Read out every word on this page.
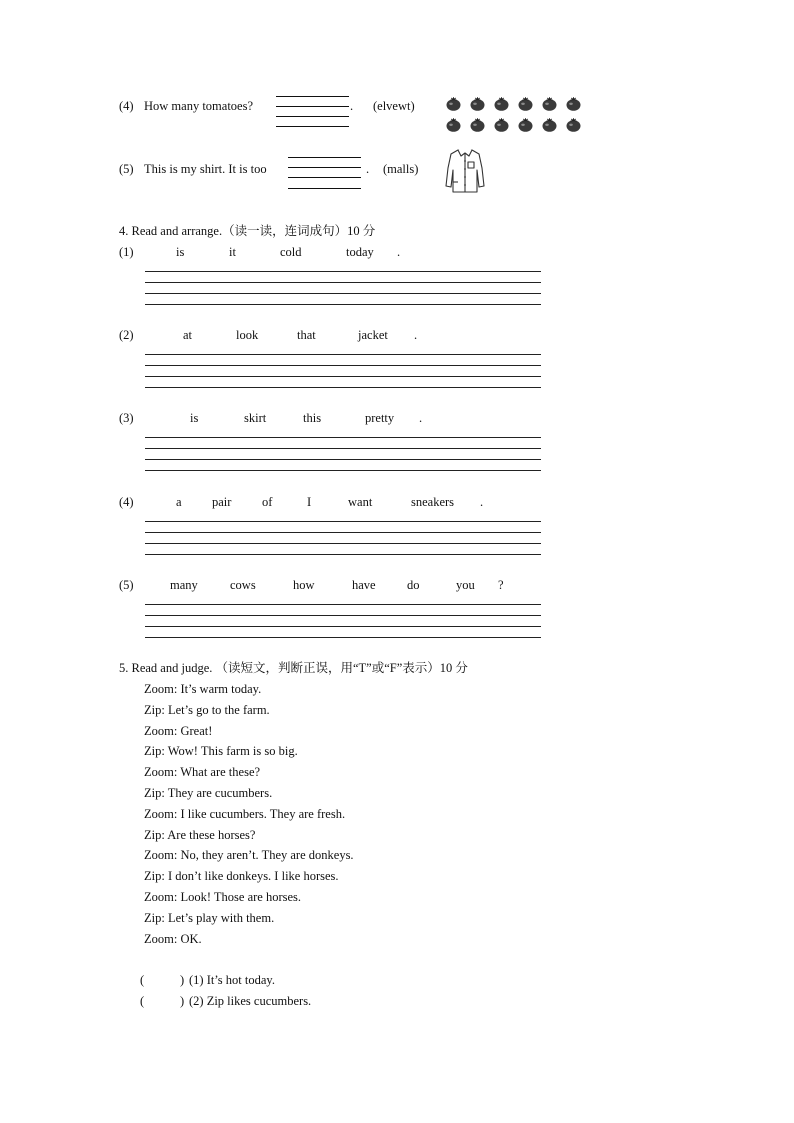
(4) How many tomatoes?	. (elvewt)
(5) This is my shirt. It is too	. (malls)
4. Read and arrange.（读一读，连词成句）10 分
(1)	is	it	cold	today .
(2)	at	look	that	jacket .
(3)	is	skirt	this	pretty .
(4)	a pair of	I	want	sneakers .
(5)	many	cows	how	have	do	you ?
5. Read and judge. （读短文，判断正误，用“T”或“F”表示）10 分
Zoom: It’s warm today.
Zip: Let’s go to the farm.
Zoom: Great!
Zip: Wow! This farm is so big.
Zoom: What are these?
Zip: They are cucumbers.
Zoom: I like cucumbers. They are fresh.
Zip: Are these horses?
Zoom: No, they aren’t. They are donkeys.
Zip: I don’t like donkeys. I like horses.
Zoom: Look! Those are horses.
Zip: Let’s play with them.
Zoom: OK.
(	) (1) It’s hot today.
(	) (2) Zip likes cucumbers.
